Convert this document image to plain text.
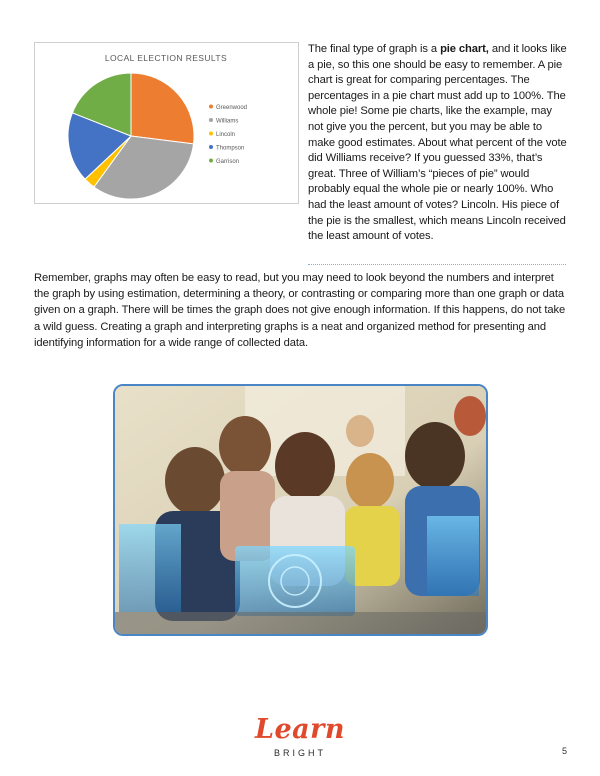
LOCAL ELECTION RESULTS
Greenwood
Williams
Lincoln
Thompson
Garrison
The final type of graph is a pie chart, and it looks like a pie, so this one should be easy to remember. A pie chart is great for comparing percentages. The percentages in a pie chart must add up to 100%. The whole pie! Some pie charts, like the example, may not give you the percent, but you may be able to make good estimates. About what percent of the vote did Williams receive? If you guessed 33%, that’s great. Three of William’s “pieces of pie” would probably equal the whole pie or nearly 100%. Who had the least amount of votes? Lincoln. His piece of the pie is the smallest, which means Lincoln received the least amount of votes.
Remember, graphs may often be easy to read, but you may need to look beyond the numbers and interpret the graph by using estimation, determining a theory, or contrasting or comparing more than one graph or data given on a graph. There will be times the graph does not give enough information. If this happens, do not take a wild guess. Creating a graph and interpreting graphs is a neat and organized method for presenting and identifying information for a wide range of collected data.
Learn
BRIGHT	5
